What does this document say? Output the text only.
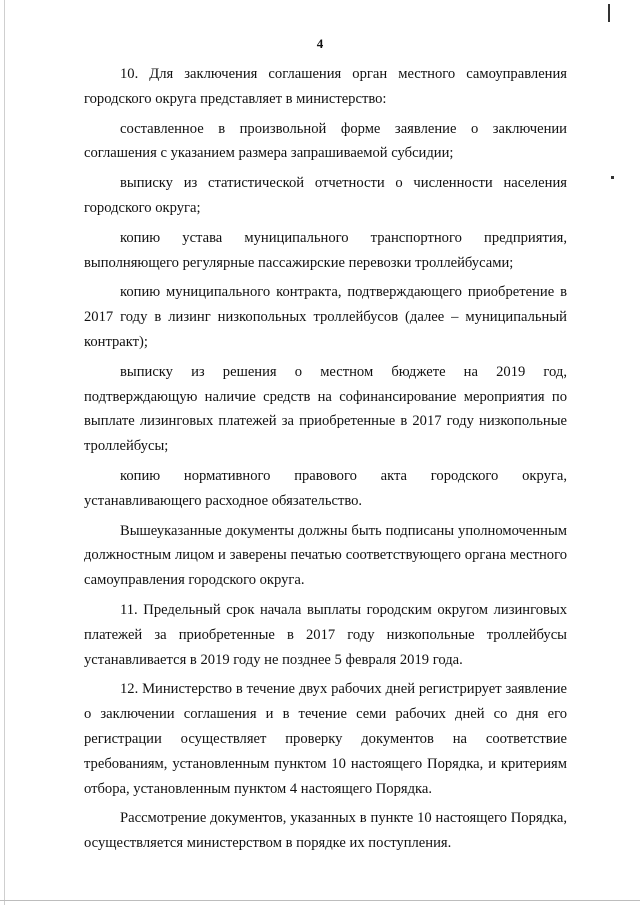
4

10. Для заключения соглашения орган местного самоуправления городского округа представляет в министерство:

составленное в произвольной форме заявление о заключении соглашения с указанием размера запрашиваемой субсидии;

выписку из статистической отчетности о численности населения городского округа;

копию устава муниципального транспортного предприятия, выполняющего регулярные пассажирские перевозки троллейбусами;

копию муниципального контракта, подтверждающего приобретение в 2017 году в лизинг низкопольных троллейбусов (далее – муниципальный контракт);

выписку из решения о местном бюджете на 2019 год, подтверждающую наличие средств на софинансирование мероприятия по выплате лизинговых платежей за приобретенные в 2017 году низкопольные троллейбусы;

копию нормативного правового акта городского округа, устанавливающего расходное обязательство.

Вышеуказанные документы должны быть подписаны уполномоченным должностным лицом и заверены печатью соответствующего органа местного самоуправления городского округа.

11. Предельный срок начала выплаты городским округом лизинговых платежей за приобретенные в 2017 году низкопольные троллейбусы устанавливается в 2019 году не позднее 5 февраля 2019 года.

12. Министерство в течение двух рабочих дней регистрирует заявление о заключении соглашения и в течение семи рабочих дней со дня его регистрации осуществляет проверку документов на соответствие требованиям, установленным пунктом 10 настоящего Порядка, и критериям отбора, установленным пунктом 4 настоящего Порядка.

Рассмотрение документов, указанных в пункте 10 настоящего Порядка, осуществляется министерством в порядке их поступления.
